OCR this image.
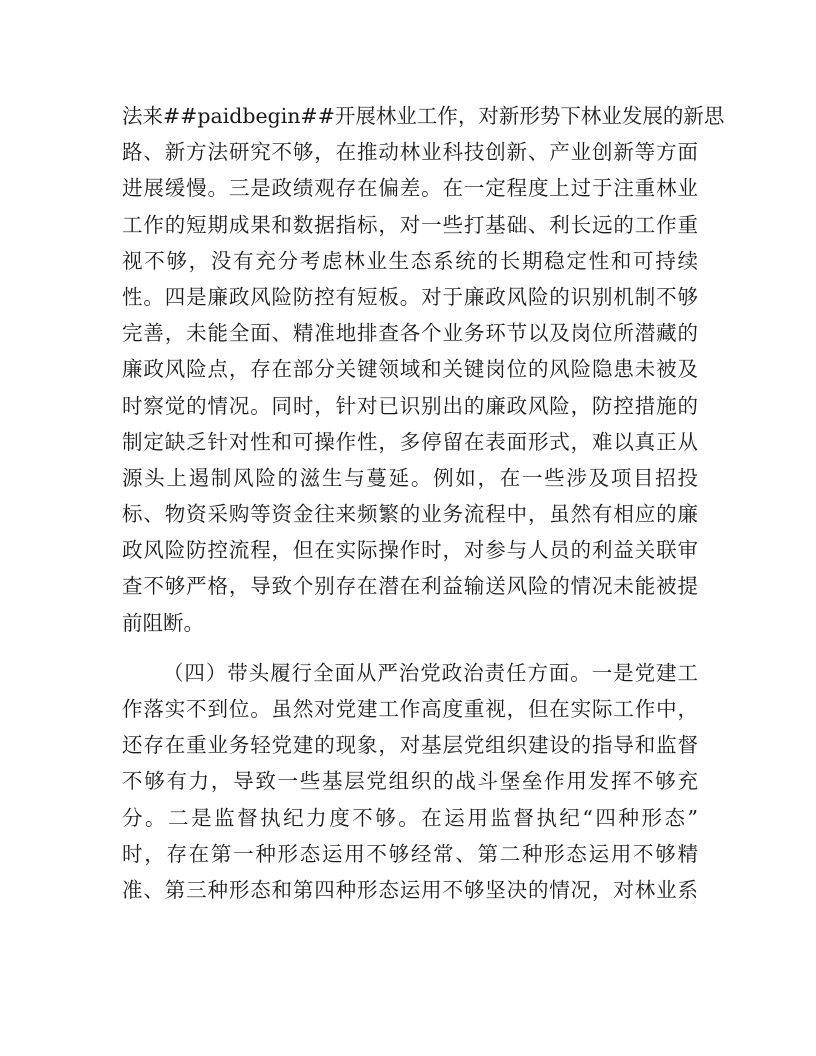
法来##paidbegin##开展林业工作，对新形势下林业发展的新思
路、新方法研究不够，在推动林业科技创新、产业创新等方面
进展缓慢。三是政绩观存在偏差。在一定程度上过于注重林业
工作的短期成果和数据指标，对一些打基础、利长远的工作重
视不够，没有充分考虑林业生态系统的长期稳定性和可持续
性。四是廉政风险防控有短板。对于廉政风险的识别机制不够
完善，未能全面、精准地排查各个业务环节以及岗位所潜藏的
廉政风险点，存在部分关键领域和关键岗位的风险隐患未被及
时察觉的情况。同时，针对已识别出的廉政风险，防控措施的
制定缺乏针对性和可操作性，多停留在表面形式，难以真正从
源头上遏制风险的滋生与蔓延。例如，在一些涉及项目招投
标、物资采购等资金往来频繁的业务流程中，虽然有相应的廉
政风险防控流程，但在实际操作时，对参与人员的利益关联审
查不够严格，导致个别存在潜在利益输送风险的情况未能被提
前阻断。
（四）带头履行全面从严治党政治责任方面。一是党建工
作落实不到位。虽然对党建工作高度重视，但在实际工作中，
还存在重业务轻党建的现象，对基层党组织建设的指导和监督
不够有力，导致一些基层党组织的战斗堡垒作用发挥不够充
分。二是监督执纪力度不够。在运用监督执纪“四种形态”
时，存在第一种形态运用不够经常、第二种形态运用不够精
准、第三种形态和第四种形态运用不够坚决的情况，对林业系
